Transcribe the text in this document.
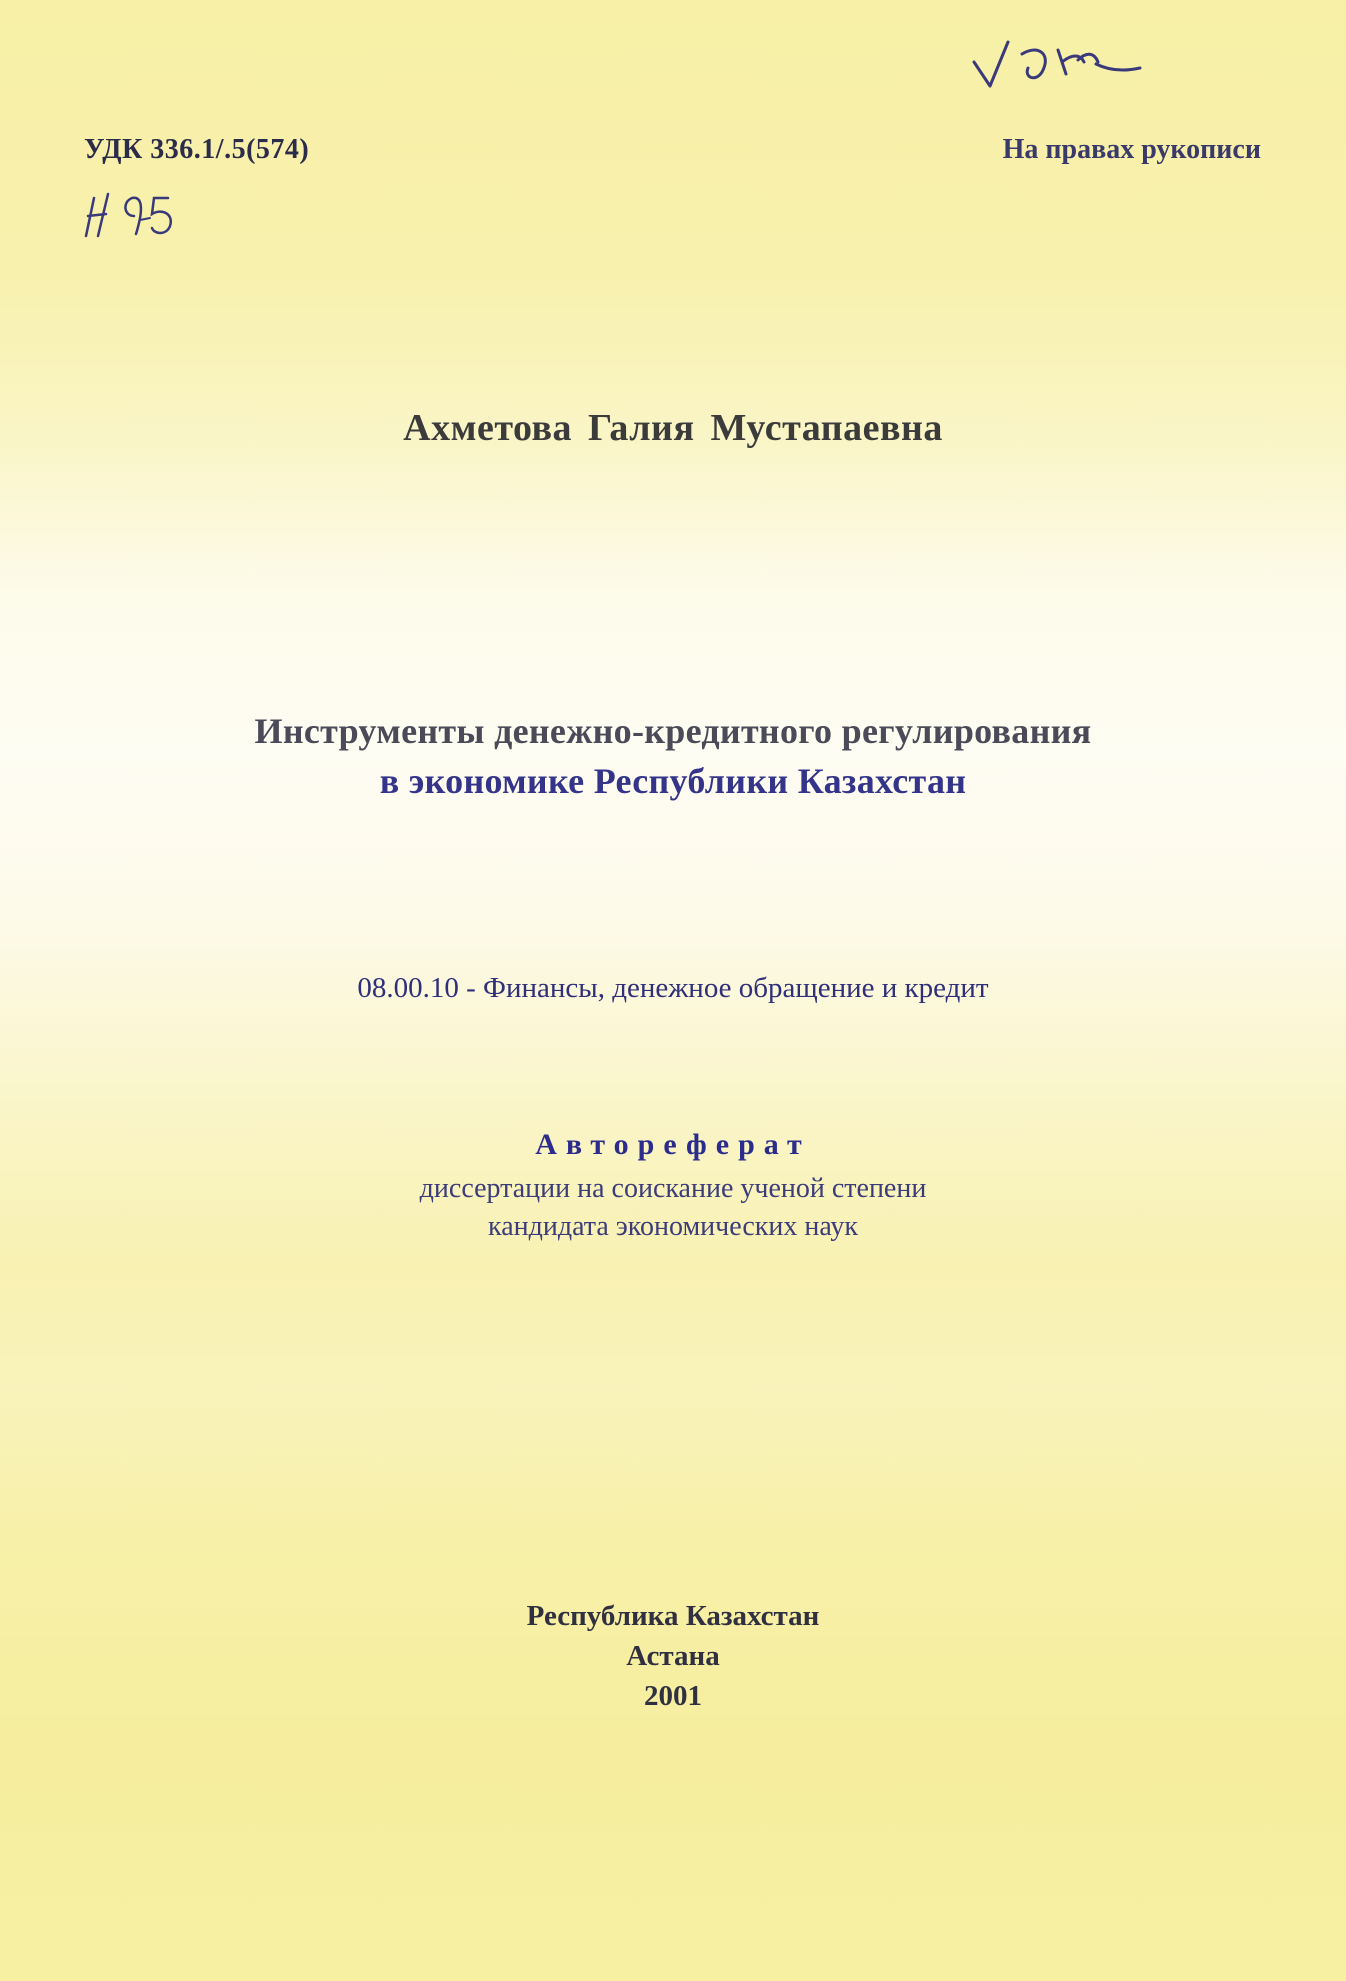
УДК 336.1/.5(574)	На правах рукописи
Ахметова Галия Мустапаевна
Инструменты денежно-кредитного регулирования
в экономике Республики Казахстан
08.00.10 - Финансы, денежное обращение и кредит
Автореферат
диссертации на соискание ученой степени
кандидата экономических наук
Республика Казахстан
Астана
2001
